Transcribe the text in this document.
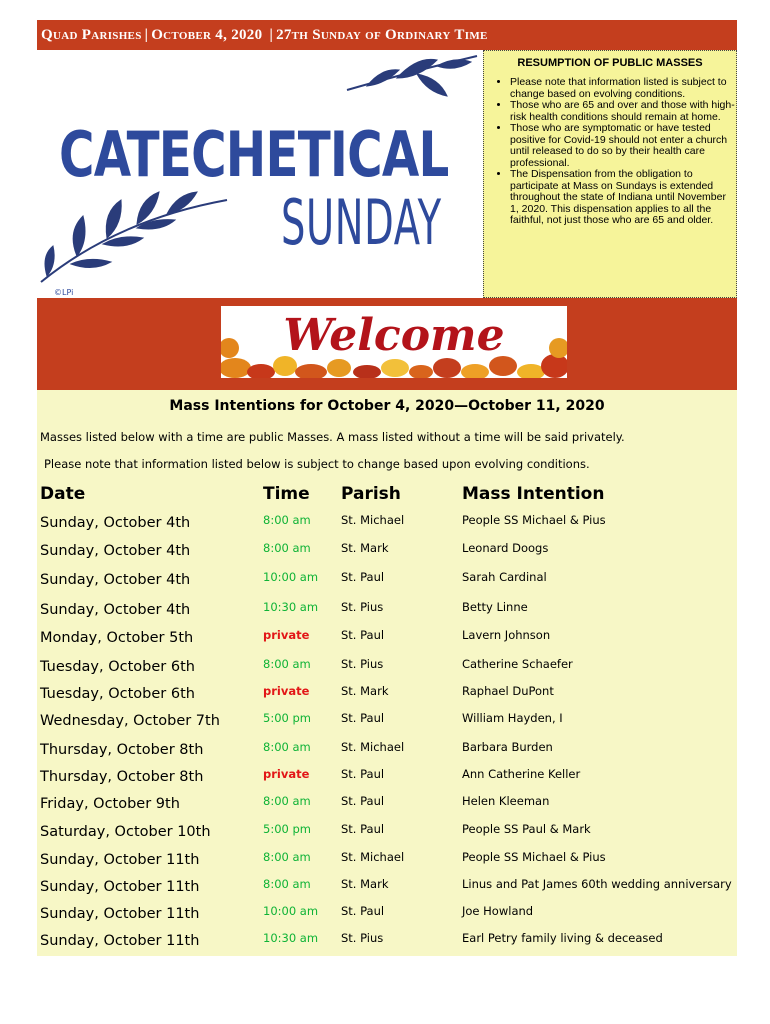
Quad Parishes | October 4, 2020 | 27th Sunday of Ordinary Time
CATECHETICAL
SUNDAY
©LPi
RESUMPTION OF PUBLIC MASSES
• Please note that information listed is subject to change based on evolving conditions.
• Those who are 65 and over and those with high-risk health conditions should remain at home.
• Those who are symptomatic or have tested positive for Covid-19 should not enter a church until released to do so by their health care professional.
• The Dispensation from the obligation to participate at Mass on Sundays is extended throughout the state of Indiana until November 1, 2020. This dispensation applies to all the faithful, not just those who are 65 and older.
Welcome
Mass Intentions for October 4, 2020—October 11, 2020
Masses listed below with a time are public Masses. A mass listed without a time will be said privately.
Please note that information listed below is subject to change based upon evolving conditions.
Date	Time Parish	Mass Intention
Sunday, October 4th	8:00 am	St. Michael	People SS Michael & Pius
Sunday, October 4th	8:00 am	St. Mark	Leonard Doogs
Sunday, October 4th	10:00 am St. Paul	Sarah Cardinal
Sunday, October 4th	10:30 am St. Pius	Betty Linne
Monday, October 5th	private	St. Paul	Lavern Johnson
Tuesday, October 6th	8:00 am	St. Pius	Catherine Schaefer
Tuesday, October 6th	private	St. Mark	Raphael DuPont
Wednesday, October 7th	5:00 pm	St. Paul	William Hayden, I
Thursday, October 8th	8:00 am	St. Michael	Barbara Burden
Thursday, October 8th	private	St. Paul	Ann Catherine Keller
Friday, October 9th	8:00 am	St. Paul	Helen Kleeman
Saturday, October 10th	5:00 pm	St. Paul	People SS Paul & Mark
Sunday, October 11th	8:00 am	St. Michael	People SS Michael & Pius
Sunday, October 11th	8:00 am	St. Mark	Linus and Pat James 60th wedding anniversary
Sunday, October 11th	10:00 am St. Paul	Joe Howland
Sunday, October 11th	10:30 am St. Pius	Earl Petry family living & deceased
